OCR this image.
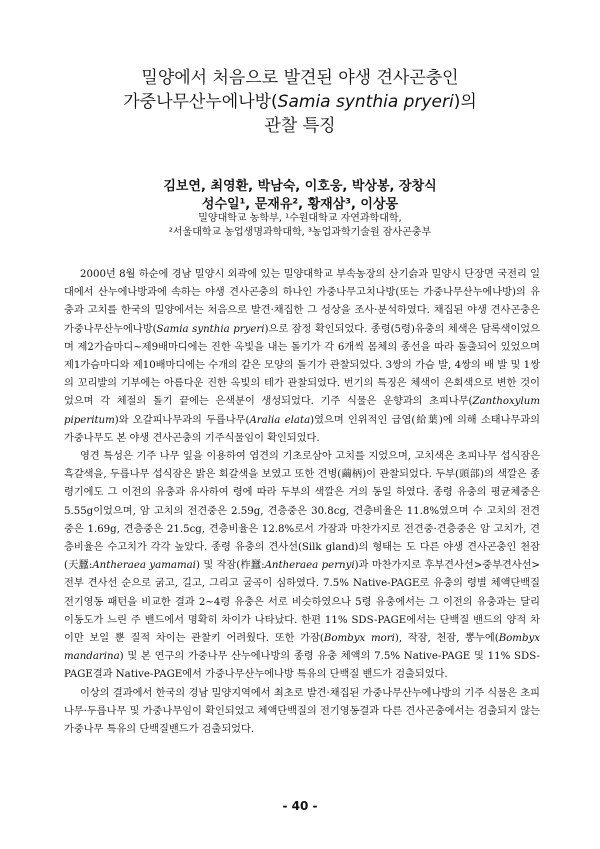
밀양에서 처음으로 발견된 야생 견사곤충인
가중나무산누에나방(Samia synthia pryeri)의
관찰 특징
김보연, 최영환, 박남숙, 이호웅, 박상봉, 장창식
성수일¹, 문재유², 황재삼³, 이상몽
밀양대학교 농학부, ¹수원대학교 자연과학대학,
²서울대학교 농업생명과학대학, ³농업과학기술원 잠사곤충부

2000년 8월 하순에 경남 밀양시 외곽에 있는 밀양대학교 부속농장의 산기슭과 밀양시 단장면 국전리 일대에서 산누에나방과에 속하는 야생 견사곤충의 하나인 가중나무고치나방(또는 가중나무산누에나방)의 유충과 고치를 한국의 밀양에서는 처음으로 발견·채집한 그 성상을 조사·분석하였다. 채집된 야생 견사곤충은 가중나무산누에나방(Samia synthia pryeri)으로 잠정 확인되었다. 종령(5령)유충의 체색은 담록색이었으며 제2가슴마디~제9배마디에는 진한 옥빛을 내는 돌기가 각 6개씩 몸체의 종선을 따라 돌출되어 있었으며 제1가슴마디와 제10배마디에는 수개의 같은 모양의 돌기가 관찰되었다. 3쌍의 가슴 발, 4쌍의 배 발 및 1쌍의 꼬리발의 기부에는 아름다운 진한 옥빛의 테가 관찰되었다. 번기의 특징은 체색이 은회색으로 변한 것이었으며 각 체절의 돌기 끝에는 은색분이 생성되었다. 기주 식물은 운향과의 초피나무(Zanthoxylum piperitum)와 오갈피나무과의 두릅나무(Aralia elata)였으며 인위적인 급엽(給葉)에 의해 소태나무과의 가중나무도 본 야생 견사곤충의 기주식물임이 확인되었다.

영견 특성은 기주 나무 잎을 이용하여 엽견의 기초로삼아 고치를 지었으며, 고치색은 초피나무 섭식잠은 흑갈색을, 두릅나무 섭식잠은 밝은 회갈색을 보였고 또한 견병(繭柄)이 관찰되었다. 두부(頭部)의 색깔은 종령기에도 그 이전의 유충과 유사하여 령에 따라 두부의 색깔은 거의 동일 하였다. 종령 유충의 평균체중은 5.55g이었으며, 암 고치의 전견중은 2.59g, 견층중은 30.8cg, 견층비율은 11.8%였으며 수 고치의 전견중은 1.69g, 견층중은 21.5cg, 견층비율은 12.8%로서 가잠과 마찬가지로 전견중·견층중은 암 고치가, 견층비율은 수고치가 각각 높았다. 종령 유충의 견사선(Silk gland)의 형태는 도 다른 야생 견사곤충인 천잠(天蠶:Antheraea yamamai) 및 작잠(柞蠶:Antheraea pernyi)과 마찬가지로 후부견사선>중부견사선>전부 견사선 순으로 굵고, 길고, 그리고 굴곡이 심하였다. 7.5% Native-PAGE로 유충의 령별 체액단백질 전기영동 패턴을 비교한 결과 2~4령 유충은 서로 비슷하였으나 5령 유충에서는 그 이전의 유충과는 달리 이동도가 느린 주 밴드에서 명확히 차이가 나타났다. 한편 11% SDS-PAGE에서는 단백질 밴드의 양적 차이만 보일 뿐 질적 차이는 관찰키 어려웠다. 또한 가잠(Bombyx mori), 작잠, 천잠, 뽕누에(Bombyx mandarina) 및 본 연구의 가중나무 산누에나방의 종령 유충 체액의 7.5% Native-PAGE 및 11% SDS-PAGE결과 Native-PAGE에서 가중나무산누에나방 특유의 단백질 밴드가 검출되었다.

이상의 결과에서 한국의 경남 밀양지역에서 최초로 발견·채집된 가중나무산누에나방의 기주 식물은 초피나무·두릅나무 및 가중나무임이 확인되었고 체액단백질의 전기영동결과 다른 견사곤충에서는 검출되지 않는 가중나무 특유의 단백질밴드가 검출되었다.

- 40 -
